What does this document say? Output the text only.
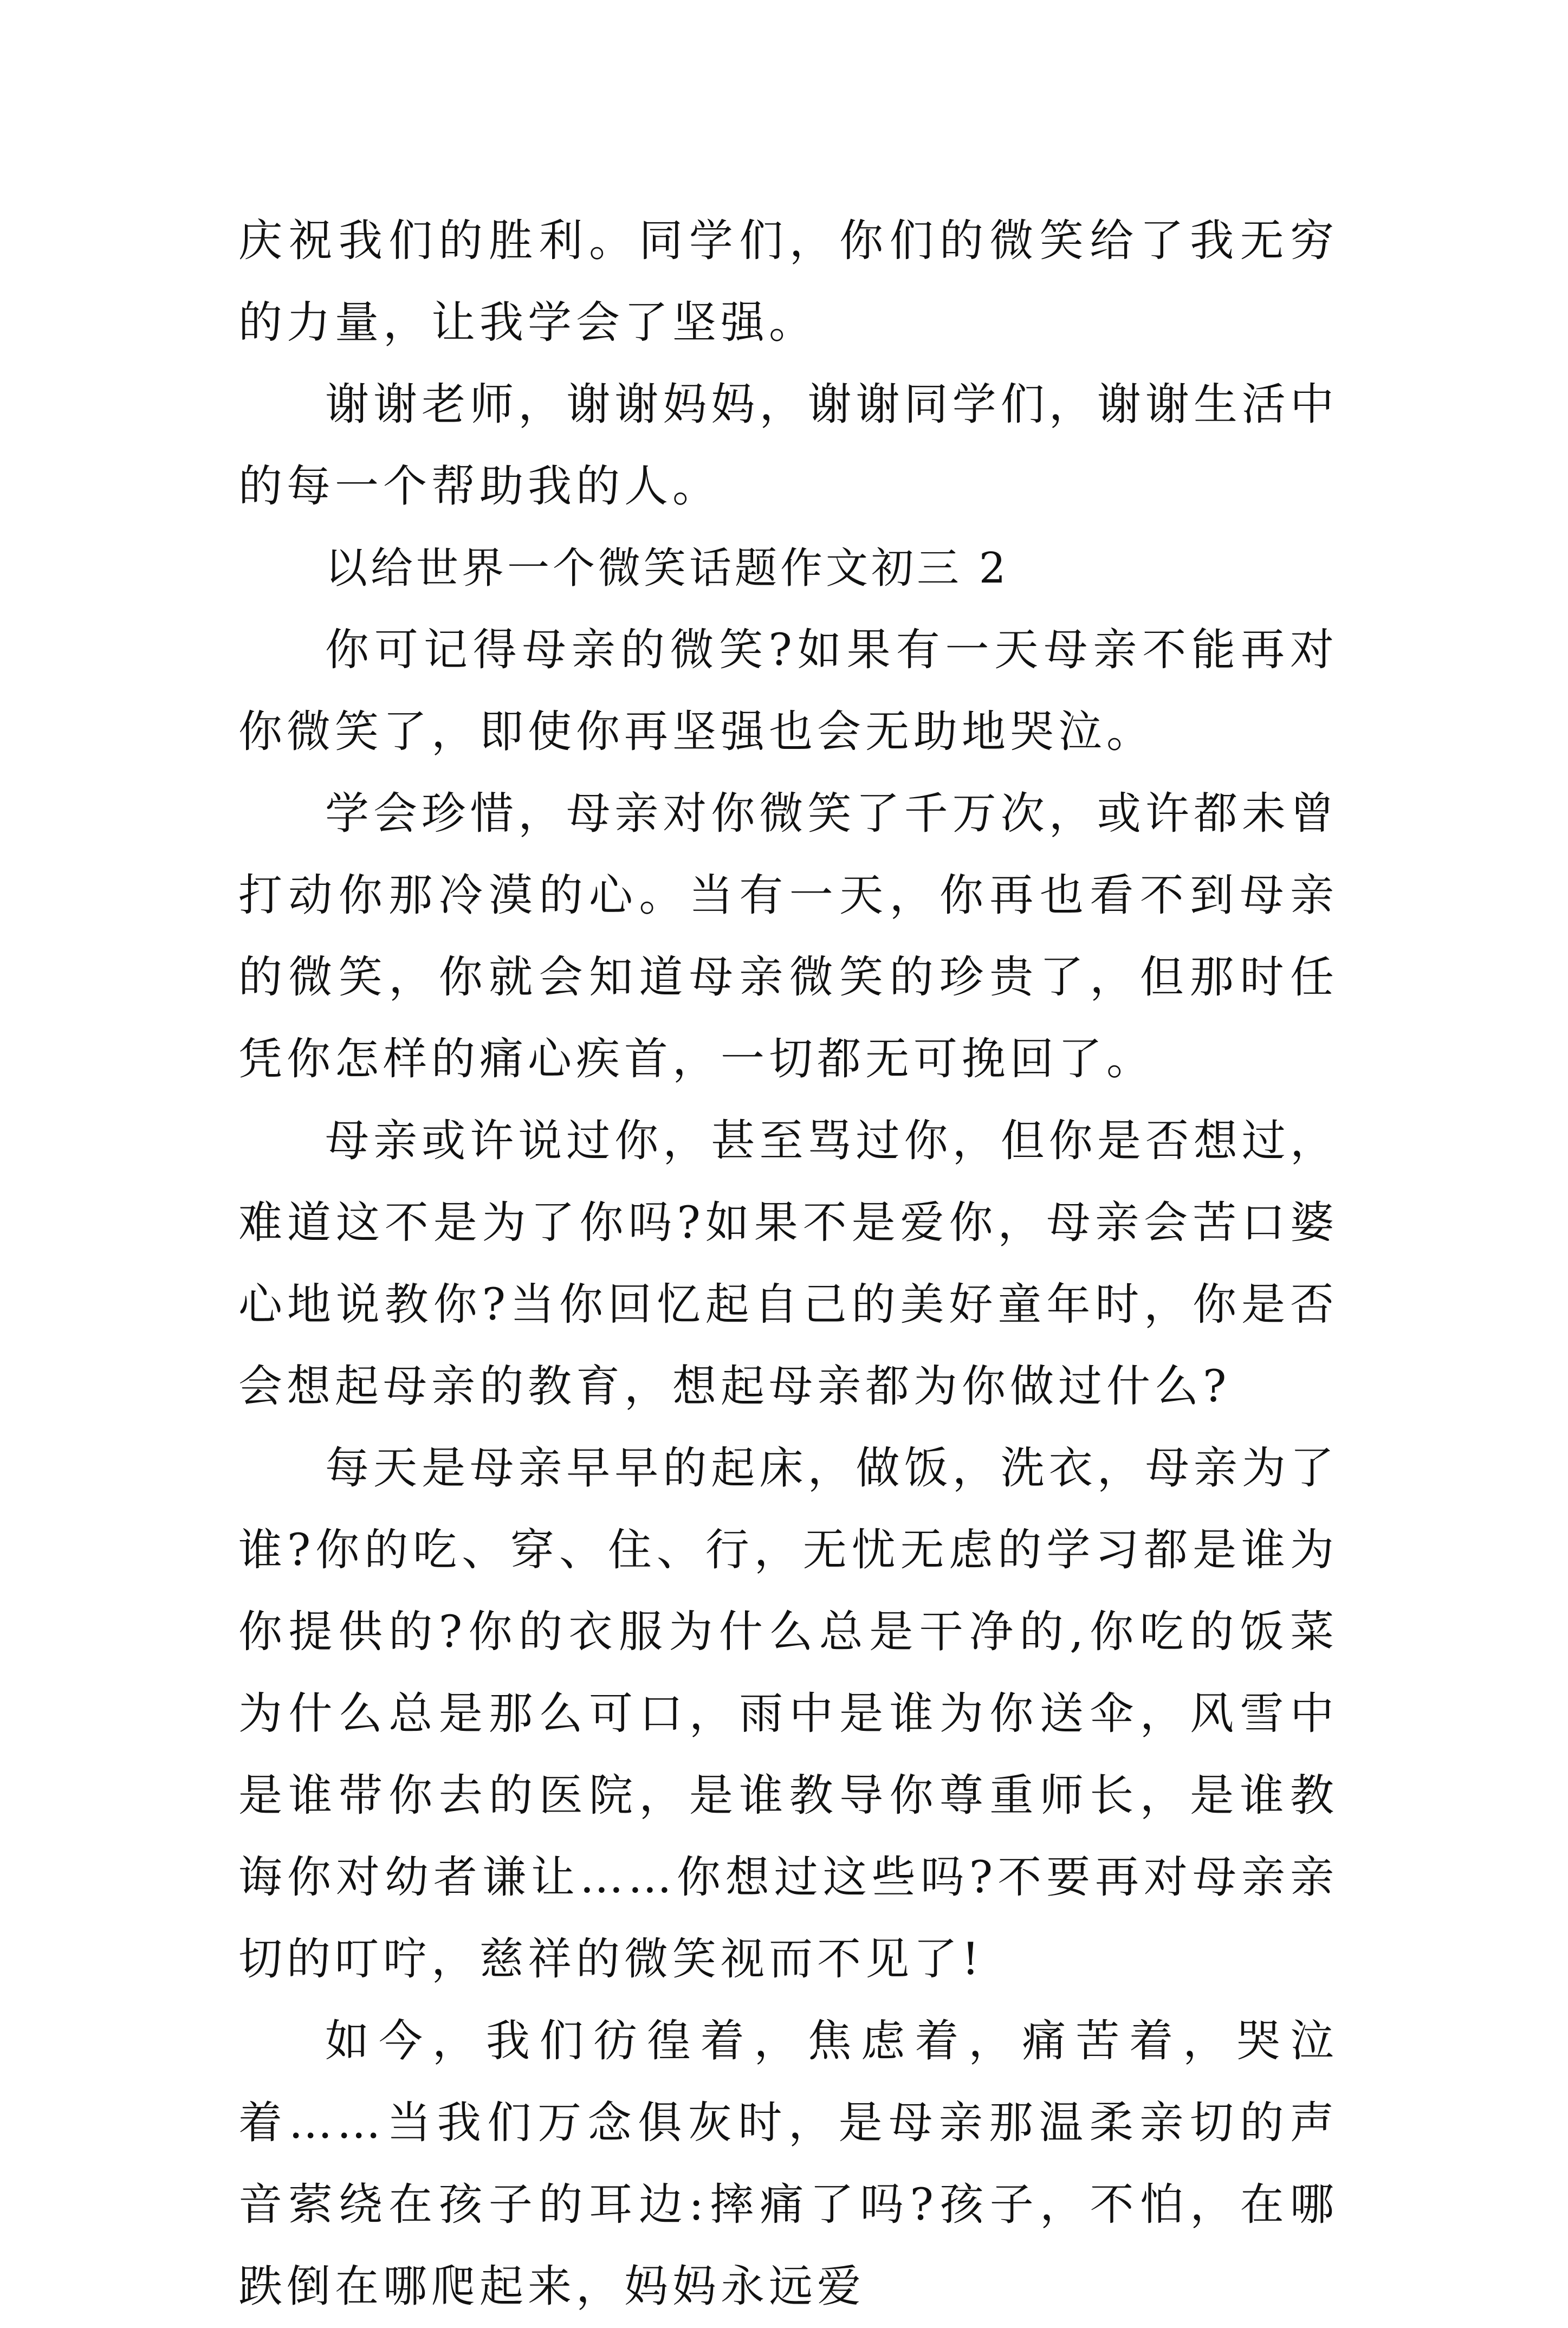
庆祝我们的胜利。同学们，你们的微笑给了我无穷的力量，让我学会了坚强。

谢谢老师，谢谢妈妈，谢谢同学们，谢谢生活中的每一个帮助我的人。

以给世界一个微笑话题作文初三 2

你可记得母亲的微笑?如果有一天母亲不能再对你微笑了，即使你再坚强也会无助地哭泣。

学会珍惜，母亲对你微笑了千万次，或许都未曾打动你那冷漠的心。当有一天，你再也看不到母亲的微笑，你就会知道母亲微笑的珍贵了，但那时任凭你怎样的痛心疾首，一切都无可挽回了。

母亲或许说过你，甚至骂过你，但你是否想过，难道这不是为了你吗?如果不是爱你，母亲会苦口婆心地说教你?当你回忆起自己的美好童年时，你是否会想起母亲的教育，想起母亲都为你做过什么?

每天是母亲早早的起床，做饭，洗衣，母亲为了谁?你的吃、穿、住、行，无忧无虑的学习都是谁为你提供的?你的衣服为什么总是干净的,你吃的饭菜为什么总是那么可口，雨中是谁为你送伞，风雪中是谁带你去的医院，是谁教导你尊重师长，是谁教诲你对幼者谦让……你想过这些吗?不要再对母亲亲切的叮咛，慈祥的微笑视而不见了!

如今，我们彷徨着，焦虑着，痛苦着，哭泣着……当我们万念俱灰时，是母亲那温柔亲切的声音萦绕在孩子的耳边:摔痛了吗?孩子，不怕，在哪跌倒在哪爬起来，妈妈永远爱
